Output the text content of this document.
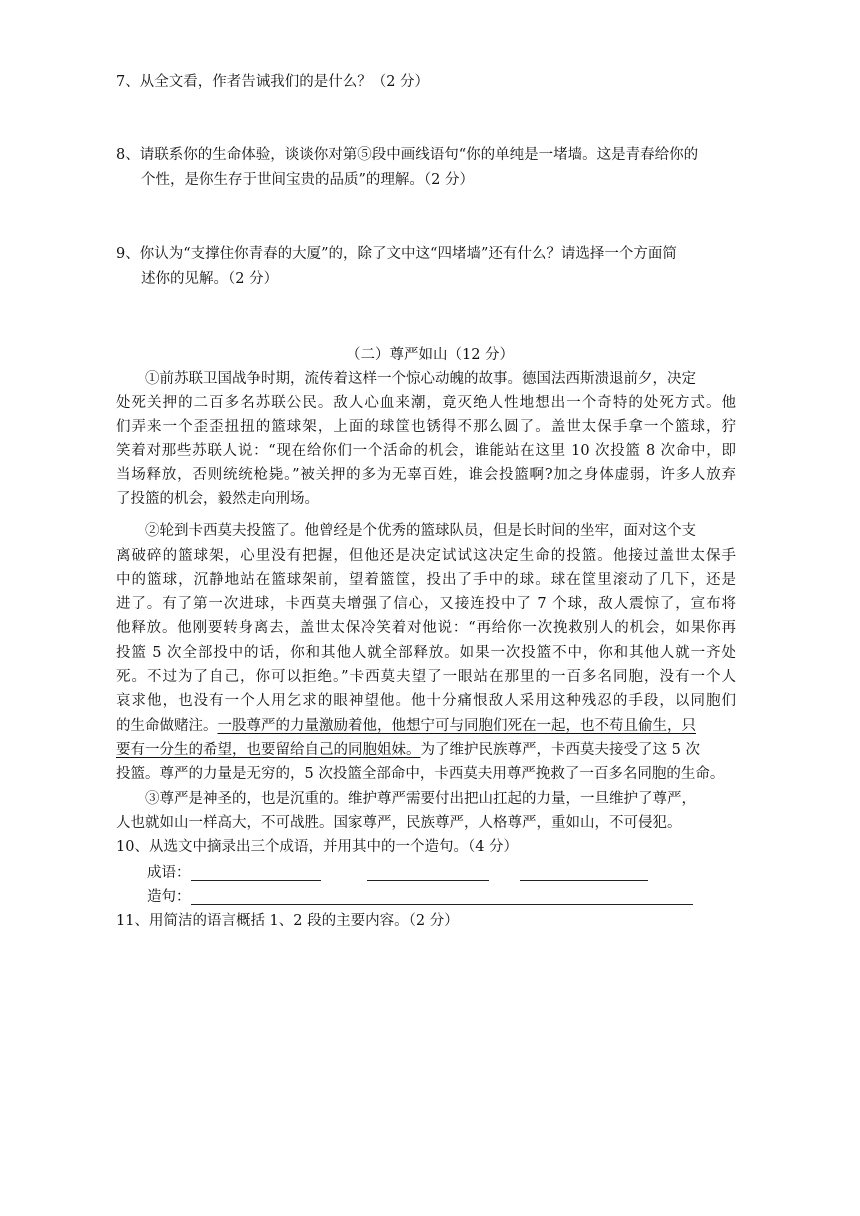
7、从全文看，作者告诫我们的是什么？（2 分）
8、请联系你的生命体验，谈谈你对第⑤段中画线语句“你的单纯是一堵墙。这是青春给你的
个性，是你生存于世间宝贵的品质”的理解。（2 分）
9、你认为“支撑住你青春的大厦”的，除了文中这“四堵墙”还有什么？请选择一个方面简
述你的见解。（2 分）
（二）尊严如山（12 分）
①前苏联卫国战争时期，流传着这样一个惊心动魄的故事。德国法西斯溃退前夕，决定
处死关押的二百多名苏联公民。敌人心血来潮，竟灭绝人性地想出一个奇特的处死方式。他
们弄来一个歪歪扭扭的篮球架，上面的球筐也锈得不那么圆了。盖世太保手拿一个篮球，狞
笑着对那些苏联人说：“现在给你们一个活命的机会，谁能站在这里 10 次投篮 8 次命中，即
当场释放，否则统统枪毙。”被关押的多为无辜百姓，谁会投篮啊?加之身体虚弱，许多人放弃
了投篮的机会，毅然走向刑场。
②轮到卡西莫夫投篮了。他曾经是个优秀的篮球队员，但是长时间的坐牢，面对这个支
离破碎的篮球架，心里没有把握，但他还是决定试试这决定生命的投篮。他接过盖世太保手
中的篮球，沉静地站在篮球架前，望着篮筐，投出了手中的球。球在筐里滚动了几下，还是
进了。有了第一次进球，卡西莫夫增强了信心，又接连投中了 7 个球，敌人震惊了，宣布将
他释放。他刚要转身离去，盖世太保冷笑着对他说：“再给你一次挽救别人的机会，如果你再
投篮 5 次全部投中的话，你和其他人就全部释放。如果一次投篮不中，你和其他人就一齐处
死。不过为了自己，你可以拒绝。”卡西莫夫望了一眼站在那里的一百多名同胞，没有一个人
哀求他，也没有一个人用乞求的眼神望他。他十分痛恨敌人采用这种残忍的手段，以同胞们
的生命做赌注。一股尊严的力量激励着他，他想宁可与同胞们死在一起，也不苟且偷生，只
要有一分生的希望，也要留给自己的同胞姐妹。为了维护民族尊严，卡西莫夫接受了这 5 次
投篮。尊严的力量是无穷的，5 次投篮全部命中，卡西莫夫用尊严挽救了一百多名同胞的生命。
③尊严是神圣的，也是沉重的。维护尊严需要付出把山扛起的力量，一旦维护了尊严，
人也就如山一样高大，不可战胜。国家尊严，民族尊严，人格尊严，重如山，不可侵犯。
10、从选文中摘录出三个成语，并用其中的一个造句。（4 分）
成语：
造句：
11、用简洁的语言概括 1、2 段的主要内容。（2 分）
